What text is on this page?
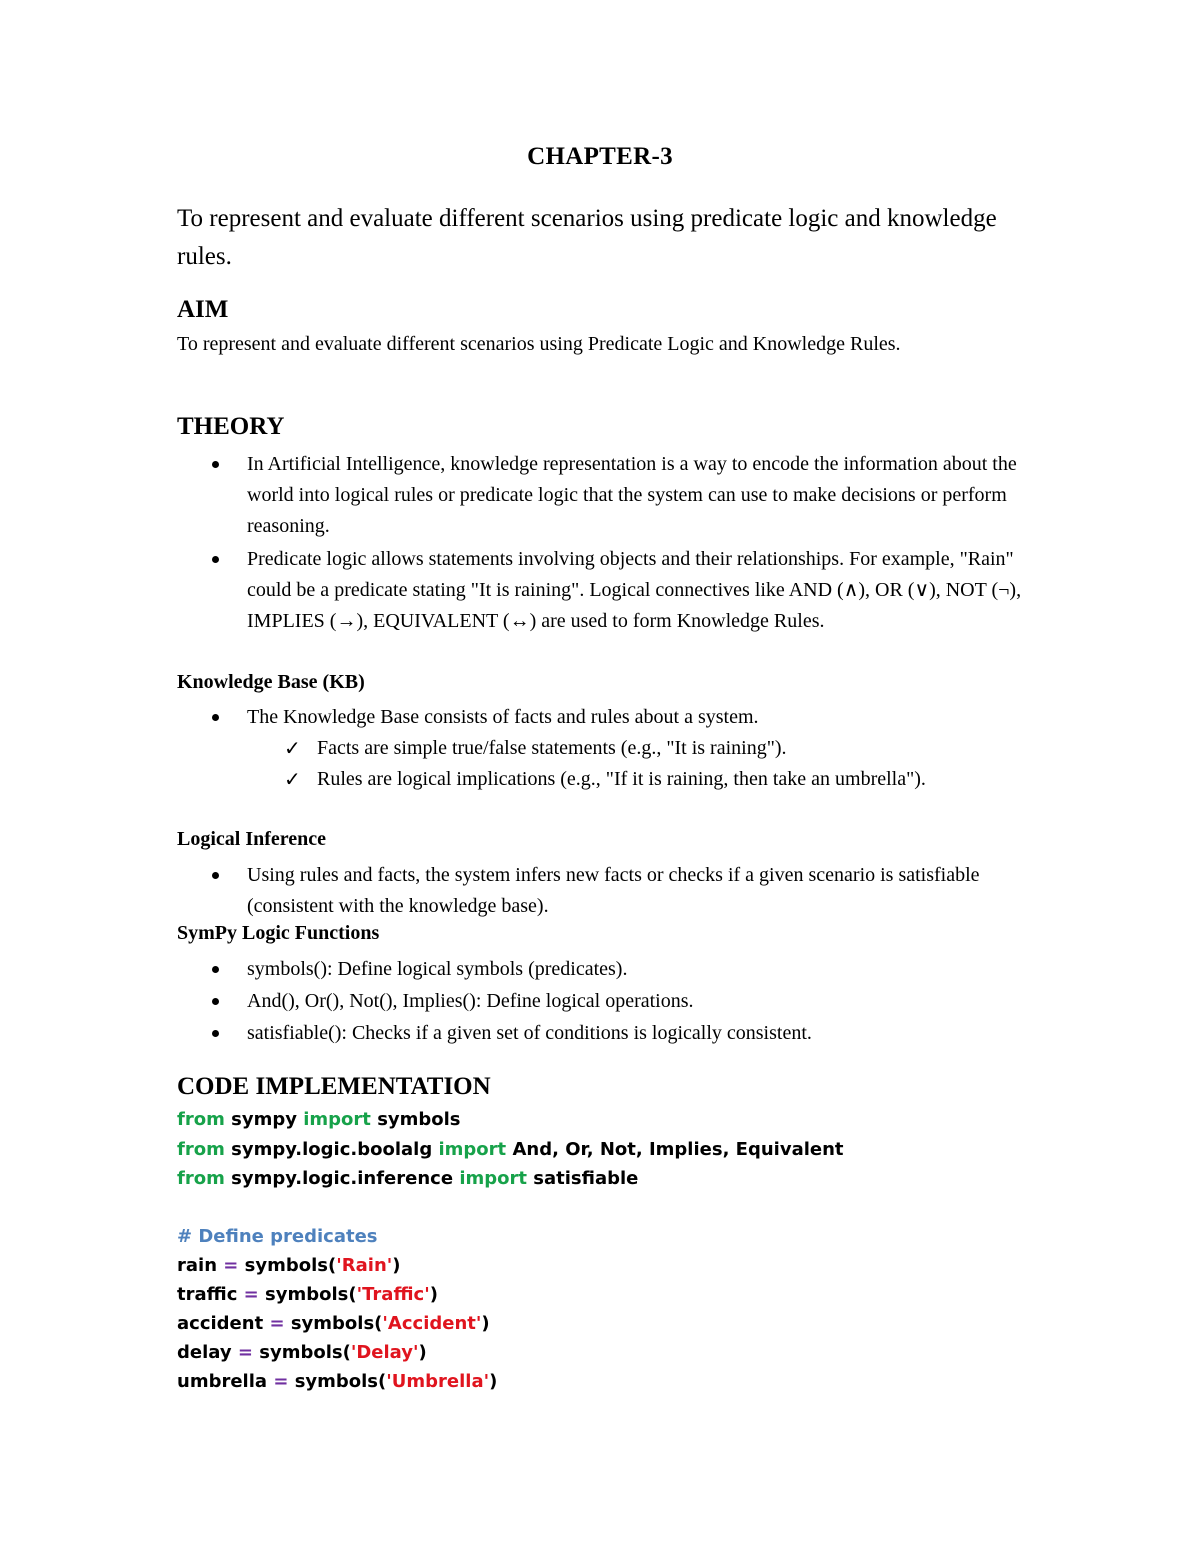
CHAPTER-3
To represent and evaluate different scenarios using predicate logic and knowledge rules.
AIM
To represent and evaluate different scenarios using Predicate Logic and Knowledge Rules.
THEORY
In Artificial Intelligence, knowledge representation is a way to encode the information about the world into logical rules or predicate logic that the system can use to make decisions or perform reasoning.
Predicate logic allows statements involving objects and their relationships. For example, "Rain" could be a predicate stating "It is raining". Logical connectives like AND (∧), OR (∨), NOT (¬), IMPLIES (→), EQUIVALENT (↔) are used to form Knowledge Rules.
Knowledge Base (KB)
The Knowledge Base consists of facts and rules about a system.
✓ Facts are simple true/false statements (e.g., "It is raining").
✓ Rules are logical implications (e.g., "If it is raining, then take an umbrella").
Logical Inference
Using rules and facts, the system infers new facts or checks if a given scenario is satisfiable (consistent with the knowledge base).
SymPy Logic Functions
symbols(): Define logical symbols (predicates).
And(), Or(), Not(), Implies(): Define logical operations.
satisfiable(): Checks if a given set of conditions is logically consistent.
CODE IMPLEMENTATION
from sympy import symbols
from sympy.logic.boolalg import And, Or, Not, Implies, Equivalent
from sympy.logic.inference import satisfiable
# Define predicates
rain = symbols('Rain')
traffic = symbols('Traffic')
accident = symbols('Accident')
delay = symbols('Delay')
umbrella = symbols('Umbrella')
